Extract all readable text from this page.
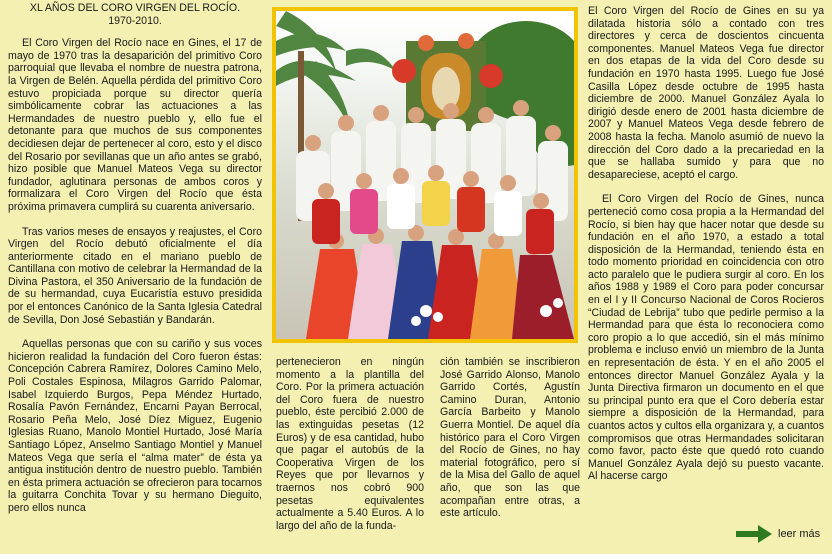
XL AÑOS DEL CORO VIRGEN DEL ROCÍO.
1970-2010.

El Coro Virgen del Rocío nace en Gines, el 17 de mayo de 1970 tras la desaparición del primitivo Coro parroquial que llevaba el nombre de nuestra patrona, la Virgen de Belén. Aquella pérdida del primitivo Coro estuvo propiciada porque su director quería simbólicamente cobrar las actuaciones a las Hermandades de nuestro pueblo y, ello fue el detonante para que muchos de sus componentes decidiesen dejar de pertenecer al coro, esto y el disco del Rosario por sevillanas que un año antes se grabó, hizo posible que Manuel Mateos Vega su director fundador, aglutinara personas de ambos coros y formalizara el Coro Virgen del Rocío que ésta próxima primavera cumplirá su cuarenta aniversario.

Tras varios meses de ensayos y reajustes, el Coro Virgen del Rocío debutó oficialmente el día anteriormente citado en el mariano pueblo de Cantillana con motivo de celebrar la Hermandad de la Divina Pastora, el 350 Aniversario de la fundación de de su hermandad, cuya Eucaristía estuvo presidida por el entonces Canónico de la Santa Iglesia Catedral de Sevilla, Don José Sebastián y Bandarán.

Aquellas personas que con su cariño y sus voces hicieron realidad la fundación del Coro fueron éstas: Concepción Cabrera Ramírez, Dolores Camino Melo, Poli Costales Espinosa, Milagros Garrido Palomar, Isabel Izquierdo Burgos, Pepa Méndez Hurtado, Rosalía Pavón Fernández, Encarni Payan Berrocal, Rosario Peña Melo, José Díez Miguez, Eugenio Iglesias Ruano, Manolo Montiel Hurtado, José María Santiago López, Anselmo Santiago Montiel y Manuel Mateos Vega que sería el “alma mater” de ésta ya antigua institución dentro de nuestro pueblo. También en ésta primera actuación se ofrecieron para tocarnos la guitarra Conchita Tovar y su hermano Dieguito, pero ellos nunca

pertenecieron en ningún momento a la plantilla del Coro. Por la primera actuación del Coro fuera de nuestro pueblo, éste percibió 2.000 de las extinguidas pesetas (12 Euros) y de esa cantidad, hubo que pagar el autobús de la Cooperativa Virgen de los Reyes que por llevarnos y traernos nos cobró 900 pesetas equivalentes actualmente a 5.40 Euros. A lo largo del año de la funda-

ción también se inscribieron José Garrido Alonso, Manolo Garrido Cortés, Agustín Camino Duran, Antonio García Barbeito y Manolo Guerra Montiel. De aquel día histórico para el Coro Virgen del Rocío de Gines, no hay material fotográfico, pero sí de la Misa del Gallo de aquel año, que son las que acompañan entre otras, a este artículo.

El Coro Virgen del Rocío de Gines en su ya dilatada historia sólo a contado con tres directores y cerca de doscientos cincuenta componentes. Manuel Mateos Vega fue director en dos etapas de la vida del Coro desde su fundación en 1970 hasta 1995. Luego fue José Casilla López desde octubre de 1995 hasta diciembre de 2000. Manuel González Ayala lo dirigió desde enero de 2001 hasta diciembre de 2007 y Manuel Mateos Vega desde febrero de 2008 hasta la fecha. Manolo asumió de nuevo la dirección del Coro dado a la precariedad en la que se hallaba sumido y para que no desapareciese, aceptó el cargo.

El Coro Virgen del Rocío de Gines, nunca perteneció como cosa propia a la Hermandad del Rocío, si bien hay que hacer notar que desde su fundación en el año 1970, a estado a total disposición de la Hermandad, teniendo ésta en todo momento prioridad en coincidencia con otro acto paralelo que le pudiera surgir al coro. En los años 1988 y 1989 el Coro para poder concursar en el I y II Concurso Nacional de Coros Rocieros “Ciudad de Lebrija” tubo que pedirle permiso a la Hermandad para que ésta lo reconociera como coro propio a lo que accedió, sin el más mínimo problema e incluso envió un miembro de la Junta en representación de ésta. Y en el año 2005 el entonces director Manuel González Ayala y la Junta Directiva firmaron un documento en el que su principal punto era que el Coro debería estar siempre a disposición de la Hermandad, para cuantos actos y cultos ella organizara y, a cuantos compromisos que otras Hermandades solicitaran como favor, pacto éste que quedó roto cuando Manuel González Ayala dejó su puesto vacante. Al hacerse cargo

leer más
